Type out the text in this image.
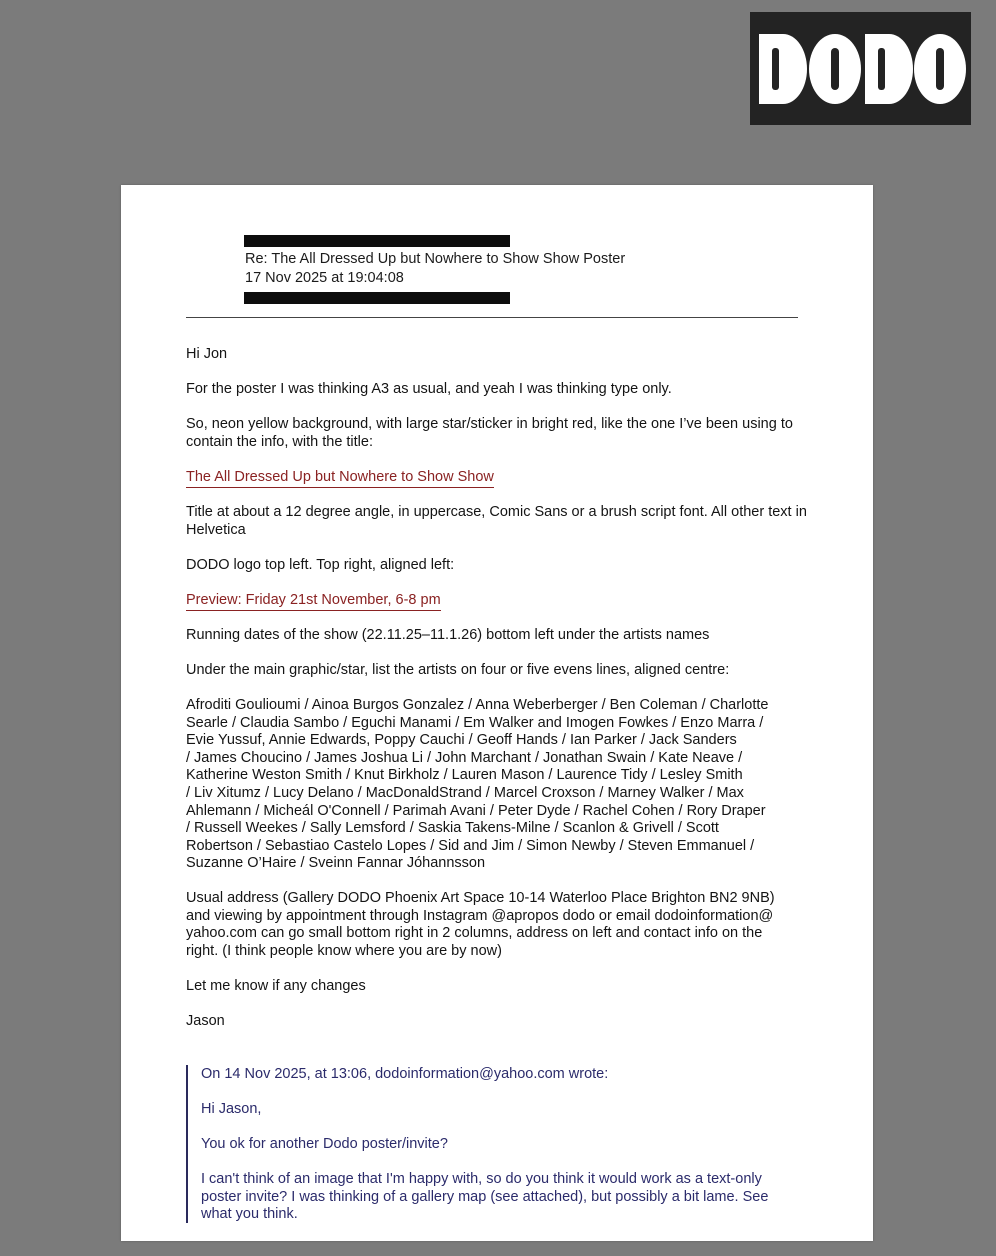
Re: The All Dressed Up but Nowhere to Show Show Poster
17 Nov 2025 at 19:04:08

Hi Jon

For the poster I was thinking A3 as usual, and yeah I was thinking type only.

So, neon yellow background, with large star/sticker in bright red, like the one I’ve been using to contain the info, with the title:

The All Dressed Up but Nowhere to Show Show

Title at about a 12 degree angle, in uppercase, Comic Sans or a brush script font. All other text in Helvetica

DODO logo top left. Top right, aligned left:

Preview: Friday 21st November, 6-8 pm

Running dates of the show (22.11.25–11.1.26) bottom left under the artists names

Under the main graphic/star, list the artists on four or five evens lines, aligned centre:

Afroditi Goulioumi / Ainoa Burgos Gonzalez / Anna Weberberger / Ben Coleman / Charlotte
Searle / Claudia Sambo / Eguchi Manami / Em Walker and Imogen Fowkes / Enzo Marra /
Evie Yussuf, Annie Edwards, Poppy Cauchi / Geoff Hands / Ian Parker / Jack Sanders
/ James Choucino / James Joshua Li / John Marchant / Jonathan Swain / Kate Neave /
Katherine Weston Smith / Knut Birkholz / Lauren Mason / Laurence Tidy / Lesley Smith
/ Liv Xitumz / Lucy Delano / MacDonaldStrand / Marcel Croxson / Marney Walker / Max
Ahlemann / Micheál O'Connell / Parimah Avani / Peter Dyde / Rachel Cohen / Rory Draper
/ Russell Weekes / Sally Lemsford / Saskia Takens-Milne / Scanlon & Grivell / Scott
Robertson / Sebastiao Castelo Lopes / Sid and Jim / Simon Newby / Steven Emmanuel /
Suzanne O’Haire / Sveinn Fannar Jóhannsson
Usual address (Gallery DODO Phoenix Art Space 10-14 Waterloo Place Brighton BN2 9NB)
and viewing by appointment through Instagram @apropos dodo or email dodoinformation@
yahoo.com can go small bottom right in 2 columns, address on left and contact info on the
right. (I think people know where you are by now)

Let me know if any changes

Jason

On 14 Nov 2025, at 13:06, dodoinformation@yahoo.com wrote:

Hi Jason,

You ok for another Dodo poster/invite?

I can't think of an image that I'm happy with, so do you think it would work as a text-only poster invite? I was thinking of a gallery map (see attached), but possibly a bit lame. See what you think.
